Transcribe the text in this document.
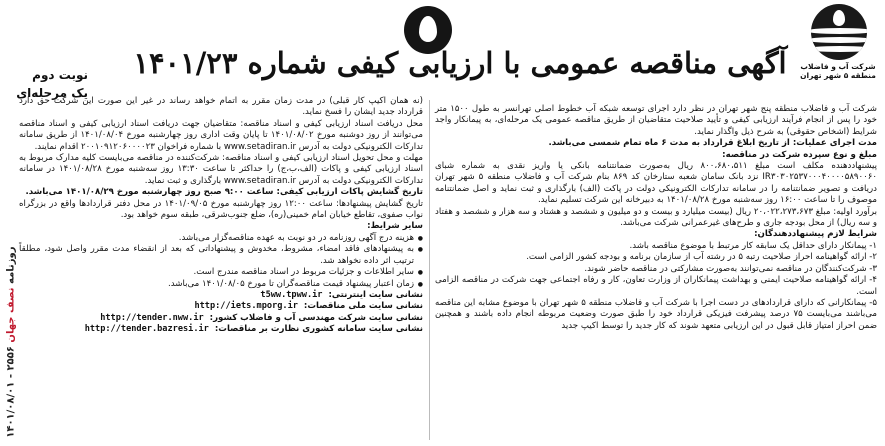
شرکت آب و فاضلاب منطقه ۵ شهر تهران
آگهی مناقصه عمومی با ارزیابی کیفی شماره ۱۴۰۱/۲۳
نوبت دوم
یک مرحله‌ای
روزنامه نصف جهان ۲۵۵۶ - ۱۴۰۱/۰۸/۰۱

شرکت آب و فاضلاب منطقه پنج شهر تهران در نظر دارد اجرای توسعه شبکه آب خطوط اصلی تهرانسر به طول ۱۵۰۰ متر خود را پس از انجام فرآیند ارزیابی کیفی و تأیید صلاحیت متقاضیان از طریق مناقصه عمومی یک مرحله‌ای، به پیمانکار واجد شرایط (اشخاص حقوقی) به شرح ذیل واگذار نماید.

مدت اجرای عملیات: از تاریخ ابلاغ قرارداد به مدت ۶ ماه تمام شمسی می‌باشد.

مبلغ و نوع سپرده شرکت در مناقصه:

پیشنهاددهنده مکلف است مبلغ ۸۰۰،۶۸۰،۵۱۱ ریال به‌صورت ضمانتنامه بانکی یا واریز نقدی به شماره شبای IR۳۰۳۰۲۵۳۷۰۰۰۴۰۰۰۰۵۸۹۰۰۶۰ نزد بانک سامان شعبه ستارخان کد ۸۶۹ بنام شرکت آب و فاضلاب منطقه ۵ شهر تهران دریافت و تصویر ضمانتنامه را در سامانه تدارکات الکترونیکی دولت در پاکت (الف) بارگذاری و ثبت نماید و اصل ضمانتنامه موصوف را تا ساعت ۱۶:۰۰ روز سه‌شنبه مورخ ۱۴۰۱/۰۸/۲۸ به دبیرخانه این شرکت تسلیم نماید.

برآورد اولیه: مبلغ ۲۰،۰۲۲،۲۷۳،۶۷۳ ریال (بیست میلیارد و بیست و دو میلیون و ششصد و هشتاد و سه هزار و ششصد و هفتاد و سه ریال) از محل بودجه جاری و طرح‌های غیرعمرانی شرکت می‌باشد.

شرایط لازم پیشنهاددهندگان:

۱- پیمانکار دارای حداقل یک سابقه کار مرتبط با موضوع مناقصه باشد.

۲- ارائه گواهینامه احراز صلاحیت رتبه ۵ در رشته آب از سازمان برنامه و بودجه کشور الزامی است.

۳- شرکت‌کنندگان در مناقصه نمی‌توانند به‌صورت مشارکتی در مناقصه حاضر شوند.

۴- ارائه گواهینامه صلاحیت ایمنی و بهداشت پیمانکاران از وزارت تعاون، کار و رفاه اجتماعی جهت شرکت در مناقصه الزامی است.

۵- پیمانکارانی که دارای قراردادهای در دست اجرا با شرکت آب و فاضلاب منطقه ۵ شهر تهران با موضوع مشابه این مناقصه می‌باشند می‌بایست ۷۵ درصد پیشرفت فیزیکی قرارداد خود را طبق صورت وضعیت مربوطه انجام داده باشند و همچنین ضمن احراز امتیاز قابل قبول در این ارزیابی متعهد شوند که کار جدید را توسط اکیپ جدید

(نه همان اکیپ کار قبلی) در مدت زمان مقرر به اتمام خواهد رساند در غیر این صورت این شرکت حق دارد قرارداد جدید ایشان را فسخ نماید.

محل دریافت اسناد ارزیابی کیفی و اسناد مناقصه: متقاضیان جهت دریافت اسناد ارزیابی کیفی و اسناد مناقصه می‌توانند از روز دوشنبه مورخ ۱۴۰۱/۰۸/۰۲ تا پایان وقت اداری روز چهارشنبه مورخ ۱۴۰۱/۰۸/۰۴ از طریق سامانه تدارکات الکترونیکی دولت به آدرس www.setadiran.ir با شماره فراخوان ۲۰۰۱۰۹۱۲۰۶۰۰۰۰۲۳ اقدام نمایند.

مهلت و محل تحویل اسناد ارزیابی کیفی و اسناد مناقصه: شرکت‌کننده در مناقصه می‌بایست کلیه مدارک مربوط به اسناد ارزیابی کیفی و پاکات (الف،ب،ج) را حداکثر تا ساعت ۱۳:۳۰ روز سه‌شنبه مورخ ۱۴۰۱/۰۸/۲۸ در سامانه تدارکات الکترونیکی دولت به آدرس www.setadiran.ir بارگذاری و ثبت نماید.

تاریخ گشایش پاکات ارزیابی کیفی: ساعت ۹:۰۰ صبح روز چهارشنبه مورخ ۱۴۰۱/۰۸/۲۹ می‌باشد.

تاریخ گشایش پیشنهادها: ساعت ۱۲:۰۰ روز چهارشنبه مورخ ۱۴۰۱/۰۹/۰۵ در محل دفتر قراردادها واقع در بزرگراه نواب صفوی، تقاطع خیابان امام خمینی(ره)، ضلع جنوب‌شرقی، طبقه سوم خواهد بود.

سایر شرایط:

● هزینه درج آگهی روزنامه در دو نوبت به عهده مناقصه‌گزار می‌باشد.

● به پیشنهادهای فاقد امضاء، مشروط، مخدوش و پیشنهاداتی که بعد از انقضاء مدت مقرر واصل شود، مطلقاً ترتیب اثر داده نخواهد شد.

● سایر اطلاعات و جزئیات مربوط در اسناد مناقصه مندرج است.

● زمان اعتبار پیشنهاد قیمت مناقصه‌گران تا مورخ ۱۴۰۱/۰۸/۰۵ می‌باشد.

نشانی سایت اینترنتی:
t5ww.tpww.ir
نشانی سایت ملی مناقصات:
http://iets.mporg.ir
نشانی سایت شرکت مهندسی آب و فاضلاب کشور:
http://tender.nww.ir
نشانی سایت سامانه کشوری نظارت بر مناقصات:
http://tender.bazresi.ir
